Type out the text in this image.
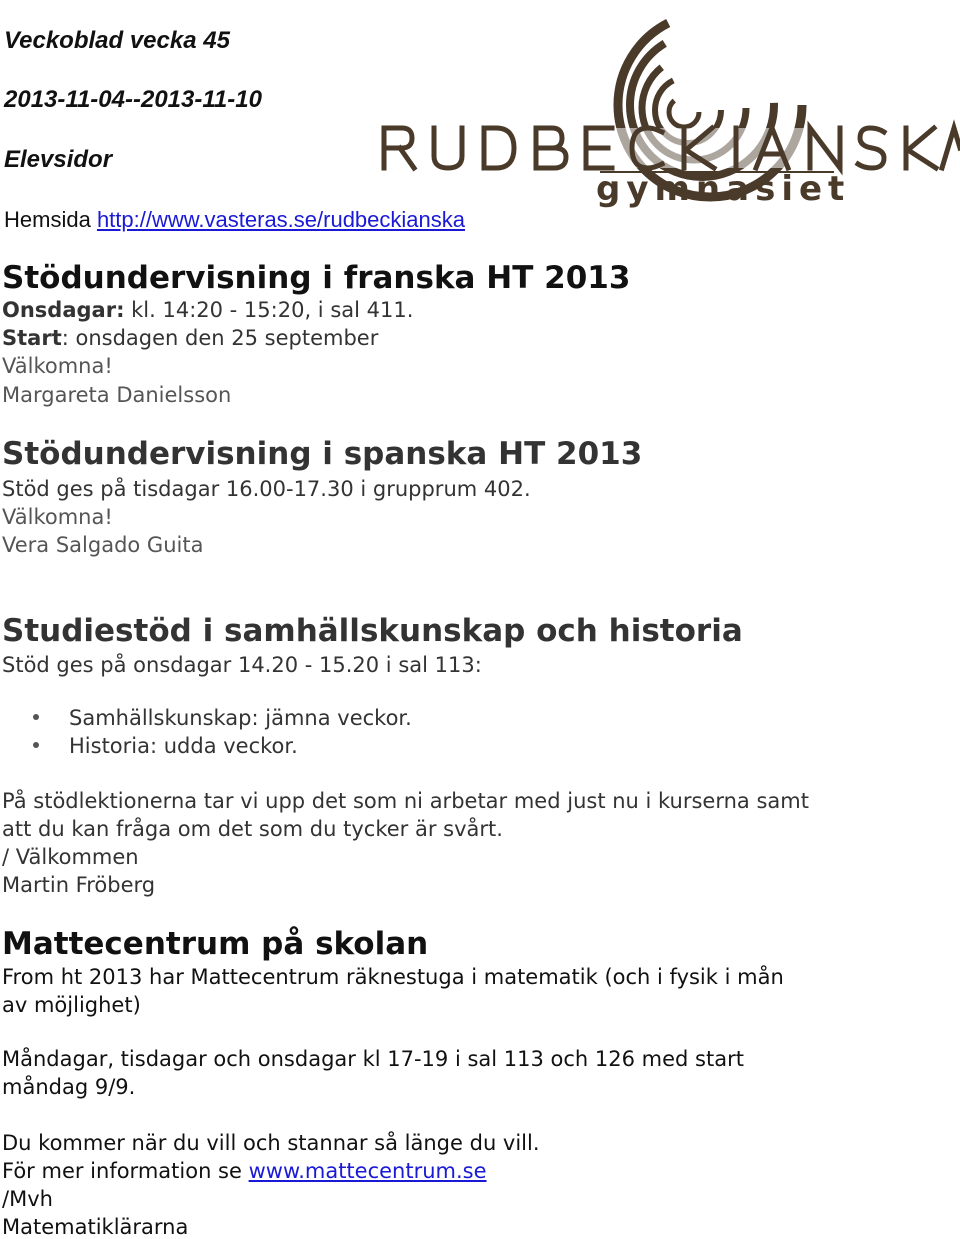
Veckoblad vecka 45
2013-11-04--2013-11-10
Elevsidor
Hemsida http://www.vasteras.se/rudbeckianska
gymnasiet
Stödundervisning i franska HT 2013
Onsdagar: kl. 14:20 - 15:20, i sal 411.
Start: onsdagen den 25 september
Välkomna!
Margareta Danielsson
Stödundervisning i spanska HT 2013
Stöd ges på tisdagar 16.00-17.30 i grupprum 402.
Välkomna!
Vera Salgado Guita
Studiestöd i samhällskunskap och historia
Stöd ges på onsdagar 14.20 - 15.20 i sal 113:
Samhällskunskap: jämna veckor.
Historia: udda veckor.
På stödlektionerna tar vi upp det som ni arbetar med just nu i kurserna samt
att du kan fråga om det som du tycker är svårt.
/ Välkommen
Martin Fröberg
Mattecentrum på skolan
From ht 2013 har Mattecentrum räknestuga i matematik (och i fysik i mån
av möjlighet)
Måndagar, tisdagar och onsdagar kl 17-19 i sal 113 och 126 med start
måndag 9/9.
Du kommer när du vill och stannar så länge du vill.
För mer information se www.mattecentrum.se
/Mvh
Matematiklärarna
